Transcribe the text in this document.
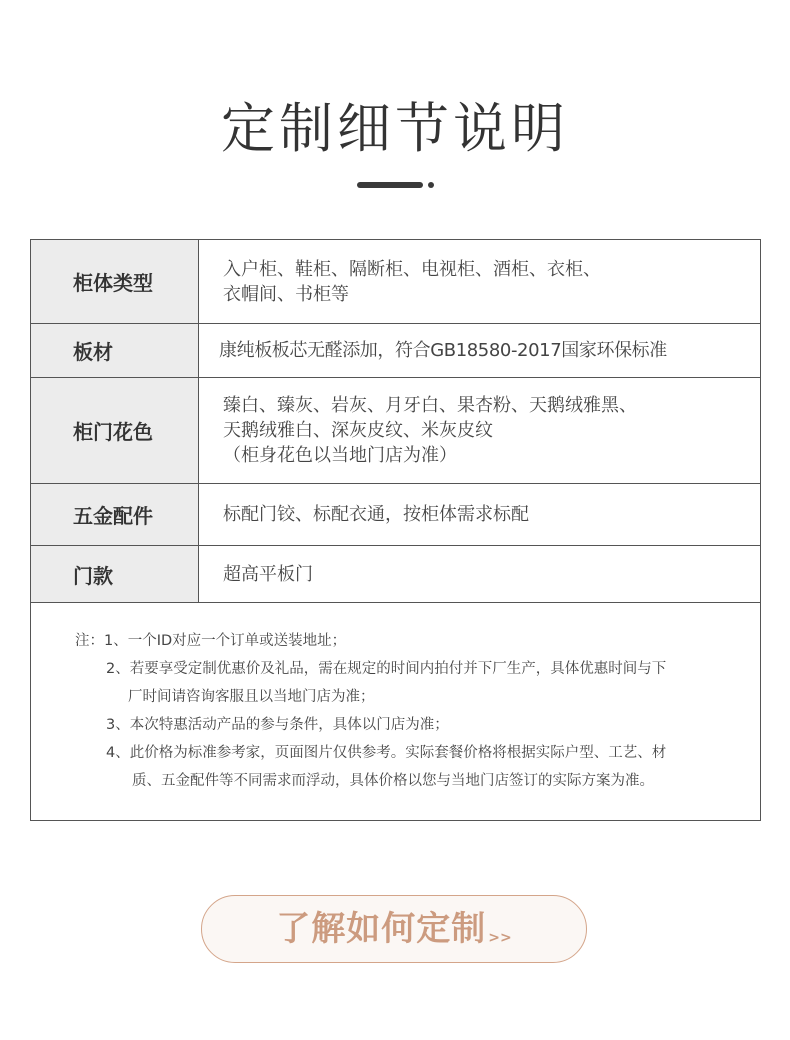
定制细节说明
柜体类型	入户柜、鞋柜、隔断柜、电视柜、酒柜、衣柜、
衣帽间、书柜等

板材	康纯板板芯无醛添加，符合GB18580-2017国家环保标准

柜门花色	臻白、臻灰、岩灰、月牙白、果杏粉、天鹅绒雅黑、
天鹅绒雅白、深灰皮纹、米灰皮纹
（柜身花色以当地门店为准）

五金配件	标配门铰、标配衣通，按柜体需求标配

门款	超高平板门
注：1、一个ID对应一个订单或送装地址；
2、若要享受定制优惠价及礼品，需在规定的时间内拍付并下厂生产，具体优惠时间与下
厂时间请咨询客服且以当地门店为准；
3、本次特惠活动产品的参与条件，具体以门店为准；
4、此价格为标准参考家，页面图片仅供参考。实际套餐价格将根据实际户型、工艺、材
质、五金配件等不同需求而浮动，具体价格以您与当地门店签订的实际方案为准。
了解如何定制 >>
